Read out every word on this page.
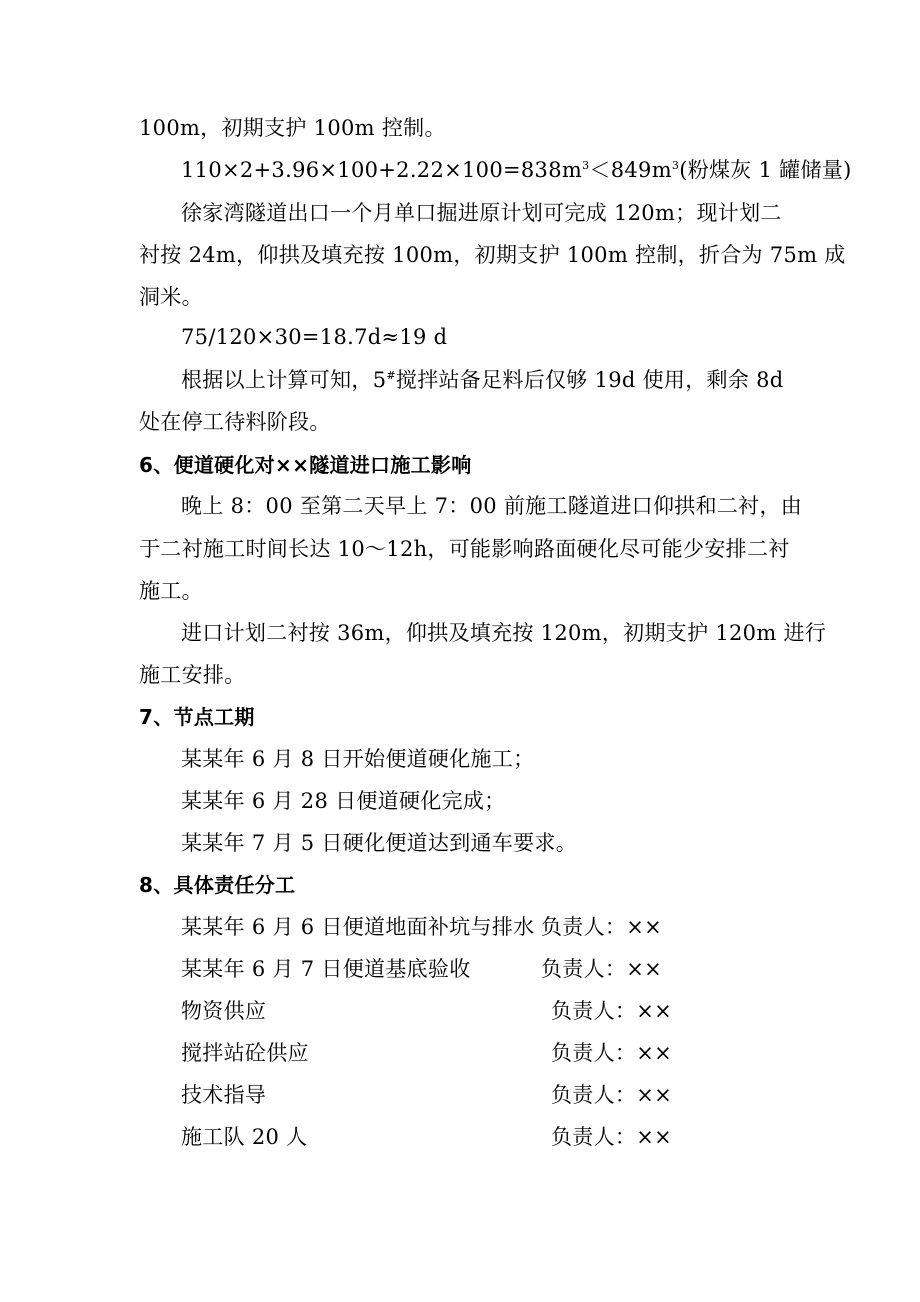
100m，初期支护 100m 控制。
$110\times 2+3.96\times 100+2.22\times 100=838m^3<849m^3$(粉煤灰 1 罐储量)
徐家湾隧道出口一个月单口掘进原计划可完成 120m；现计划二
衬按 24m，仰拱及填充按 100m，初期支护 100m 控制，折合为 75m 成
洞米。
75/120×30=18.7d≈19 d
根据以上计算可知，5#搅拌站备足料后仅够 19d 使用，剩余 8d
处在停工待料阶段。
6、便道硬化对××隧道进口施工影响
晚上 8：00 至第二天早上 7：00 前施工隧道进口仰拱和二衬，由
于二衬施工时间长达 10～12h，可能影响路面硬化尽可能少安排二衬
施工。
进口计划二衬按 36m，仰拱及填充按 120m，初期支护 120m 进行
施工安排。
7、节点工期
某某年 6 月 8 日开始便道硬化施工；
某某年 6 月 28 日便道硬化完成；
某某年 7 月 5 日硬化便道达到通车要求。
8、具体责任分工
某某年 6 月 6 日便道地面补坑与排水 负责人：××
某某年 6 月 7 日便道基底验收	负责人：××
物资供应	负责人：××
搅拌站砼供应	负责人：××
技术指导	负责人：××
施工队 20 人	负责人：××
